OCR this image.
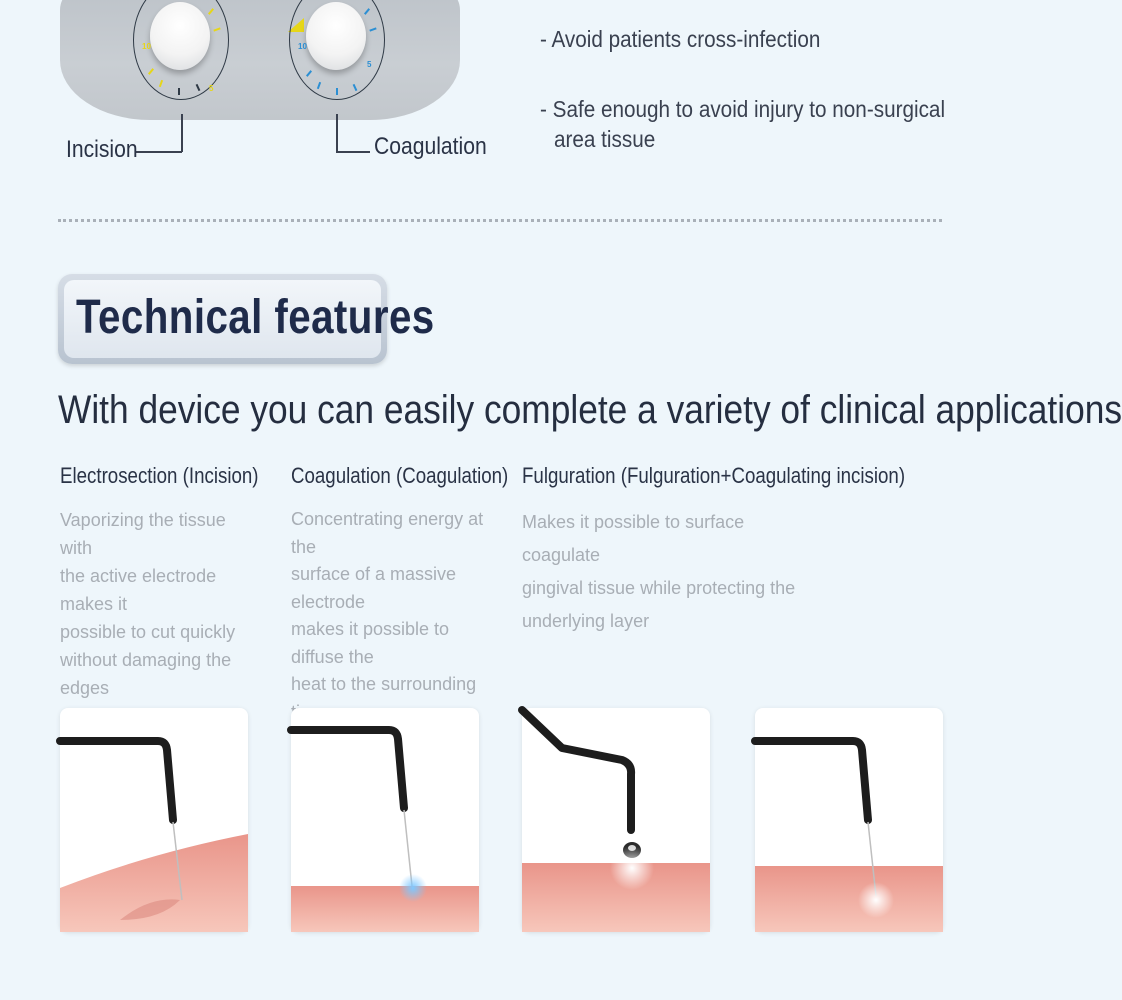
10
5
10
5
Incision	Coagulation
- Avoid patients cross-infection
- Safe enough to avoid injury to non-surgical
area tissue
Technical features
With device you can easily complete a variety of clinical applications
Electrosection (Incision)
Vaporizing the tissue with
the active electrode makes it
possible to cut quickly
without damaging the edges
Coagulation (Coagulation)
Concentrating energy at the
surface of a massive electrode
makes it possible to diffuse the
heat to the surrounding
Fulguration (Fulguration+Coagulating incision)
Makes it possible to surface coagulate
gingival tissue while protecting the
underlying layer
